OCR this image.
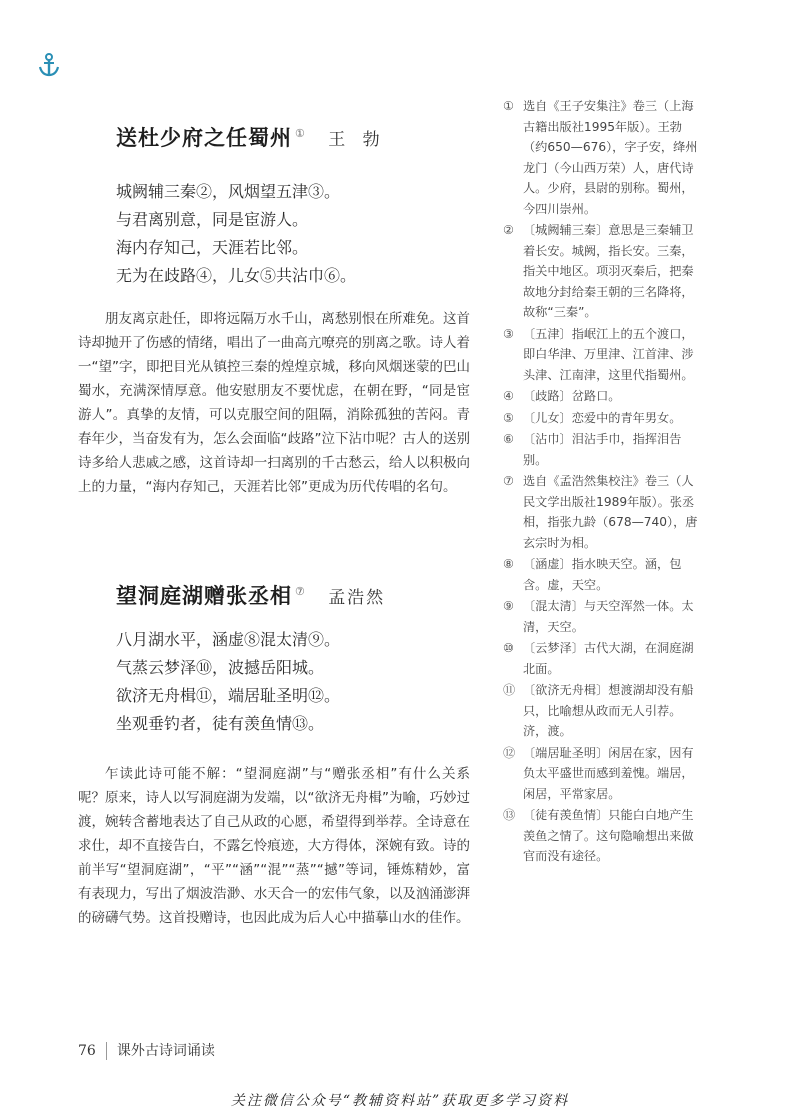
送杜少府之任蜀州 ① 王 勃
城阙辅三秦②，风烟望五津③。
与君离别意，同是宦游人。
海内存知己，天涯若比邻。
无为在歧路④，儿女⑤共沾巾⑥。

朋友离京赴任，即将远隔万水千山，离愁别恨在所难免。这首诗却抛开了伤感的情绪，唱出了一曲高亢嘹亮的别离之歌。诗人着一“望”字，即把目光从镇控三秦的煌煌京城，移向风烟迷蒙的巴山蜀水，充满深情厚意。他安慰朋友不要忧虑，在朝在野，“同是宦游人”。真挚的友情，可以克服空间的阻隔，消除孤独的苦闷。青春年少，当奋发有为，怎么会面临“歧路”泣下沾巾呢？古人的送别诗多给人悲戚之感，这首诗却一扫离别的千古愁云，给人以积极向上的力量，“海内存知己，天涯若比邻”更成为历代传唱的名句。

望洞庭湖赠张丞相 ⑦ 孟浩然
八月湖水平，涵虚⑧混太清⑨。
气蒸云梦泽⑩，波撼岳阳城。
欲济无舟楫⑪，端居耻圣明⑫。
坐观垂钓者，徒有羡鱼情⑬。

乍读此诗可能不解：“望洞庭湖”与“赠张丞相”有什么关系呢？原来，诗人以写洞庭湖为发端，以“欲济无舟楫”为喻，巧妙过渡，婉转含蓄地表达了自己从政的心愿，希望得到举荐。全诗意在求仕，却不直接告白，不露乞怜痕迹，大方得体，深婉有致。诗的前半写“望洞庭湖”，“平”“涵”“混”“蒸”“撼”等词，锤炼精妙，富有表现力，写出了烟波浩渺、水天合一的宏伟气象，以及汹涌澎湃的磅礴气势。这首投赠诗，也因此成为后人心中描摹山水的佳作。

① 选自《王子安集注》卷三（上海古籍出版社1995年版）。王勃（约650—676），字子安，绛州龙门（今山西万荣）人，唐代诗人。少府，县尉的别称。蜀州，今四川崇州。
② 〔城阙辅三秦〕意思是三秦辅卫着长安。城阙，指长安。三秦，指关中地区。项羽灭秦后，把秦故地分封给秦王朝的三名降将，故称“三秦”。
③ 〔五津〕指岷江上的五个渡口，即白华津、万里津、江首津、涉头津、江南津，这里代指蜀州。
④ 〔歧路〕岔路口。
⑤ 〔儿女〕恋爱中的青年男女。
⑥ 〔沾巾〕泪沾手巾，指挥泪告别。
⑦ 选自《孟浩然集校注》卷三（人民文学出版社1989年版）。张丞相，指张九龄（678—740），唐玄宗时为相。
⑧ 〔涵虚〕指水映天空。涵，包含。虚，天空。
⑨ 〔混太清〕与天空浑然一体。太清，天空。
⑩ 〔云梦泽〕古代大湖，在洞庭湖北面。
⑪ 〔欲济无舟楫〕想渡湖却没有船只，比喻想从政而无人引荐。济，渡。
⑫ 〔端居耻圣明〕闲居在家，因有负太平盛世而感到羞愧。端居，闲居，平常家居。
⑬ 〔徒有羡鱼情〕只能白白地产生羡鱼之情了。这句隐喻想出来做官而没有途径。
76 课外古诗词诵读
关注微信公众号“教辅资料站”获取更多学习资料
